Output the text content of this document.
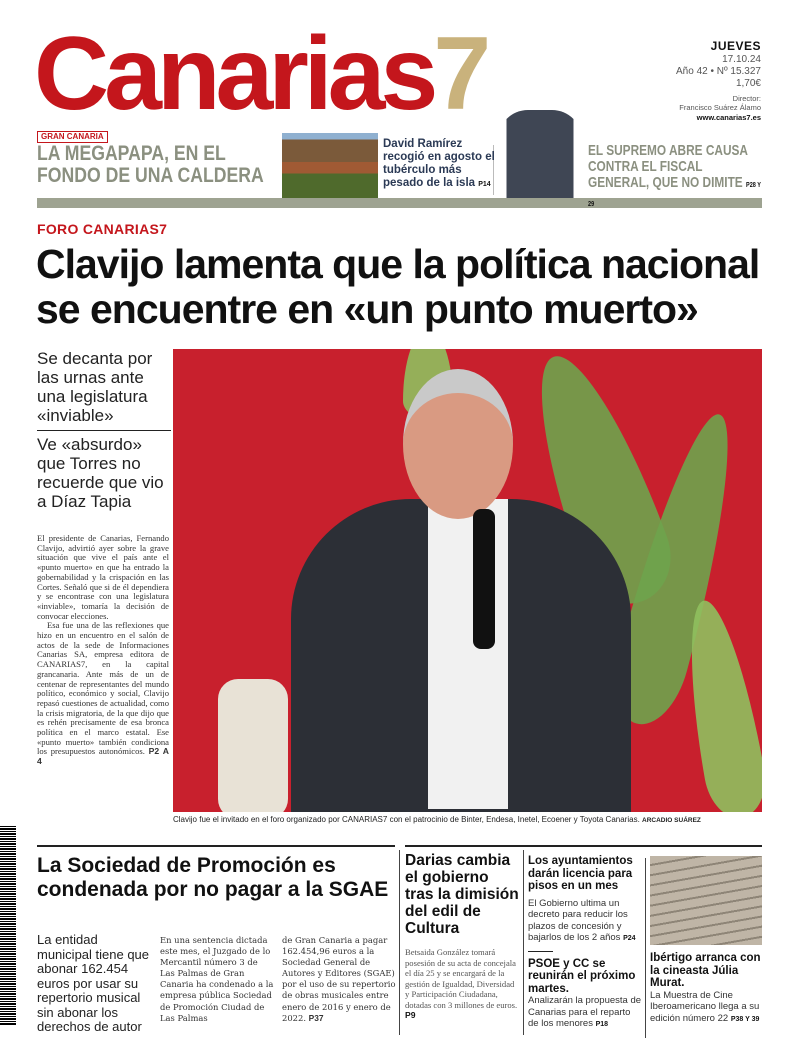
Canarias7	JUEVES
17.10.24
Año 42 • Nº 15.327
1,70€
Director:
Francisco Suárez Álamo
www.canarias7.es
GRAN CANARIA
LA MEGAPAPA, EN EL FONDO DE UNA CALDERA
David Ramírez recogió en agosto el tubérculo más pesado de la isla P14
EL SUPREMO ABRE CAUSA CONTRA EL FISCAL GENERAL, QUE NO DIMITE P28 Y 29
FORO CANARIAS7
Clavijo lamenta que la política nacional se encuentre en «un punto muerto»
Se decanta por las urnas ante una legislatura «inviable»
Ve «absurdo» que Torres no recuerde que vio a Díaz Tapia

El presidente de Canarias, Fernando Clavijo, advirtió ayer sobre la grave situación que vive el país ante el «punto muerto» en que ha entrado la gobernabilidad y la crispación en las Cortes. Señaló que si de él dependiera y se encontrase con una legislatura «inviable», tomaría la decisión de convocar elecciones.

Esa fue una de las reflexiones que hizo en un encuentro en el salón de actos de la sede de Informaciones Canarias SA, empresa editora de CANARIAS7, en la capital grancanaria. Ante más de un de centenar de representantes del mundo político, económico y social, Clavijo repasó cuestiones de actualidad, como la crisis migratoria, de la que dijo que es rehén precisamente de esa bronca política en el marco estatal. Ese «punto muerto» también condiciona los presupuestos autonómicos. P2 A 4

Clavijo fue el invitado en el foro organizado por CANARIAS7 con el patrocinio de Binter, Endesa, Inetel, Ecoener y Toyota Canarias. ARCADIO SUÁREZ
La Sociedad de Promoción es condenada por no pagar a la SGAE
La entidad municipal tiene que abonar 162.454 euros por usar su repertorio musical sin abonar los derechos de autor
En una sentencia dictada este mes, el Juzgado de lo Mercantil número 3 de Las Palmas de Gran Canaria ha condenado a la empresa pública Sociedad de Promoción Ciudad de Las Palmas
de Gran Canaria a pagar 162.454,96 euros a la Sociedad General de Autores y Editores (SGAE) por el uso de su repertorio de obras musicales entre enero de 2016 y enero de 2022. P37
Darias cambia el gobierno tras la dimisión del edil de Cultura
Betsaida González tomará posesión de su acta de concejala el día 25 y se encargará de la gestión de Igualdad, Diversidad y Participación Ciudadana, dotadas con 3 millones de euros. P9
Los ayuntamientos darán licencia para pisos en un mes
El Gobierno ultima un decreto para reducir los plazos de concesión y bajarlos de los 2 años P24
PSOE y CC se reunirán el próximo martes.
Analizarán la propuesta de Canarias para el reparto de los menores P18
Ibértigo arranca con la cineasta Júlia Murat.
La Muestra de Cine Iberoamericano llega a su edición número 22 P38 Y 39
